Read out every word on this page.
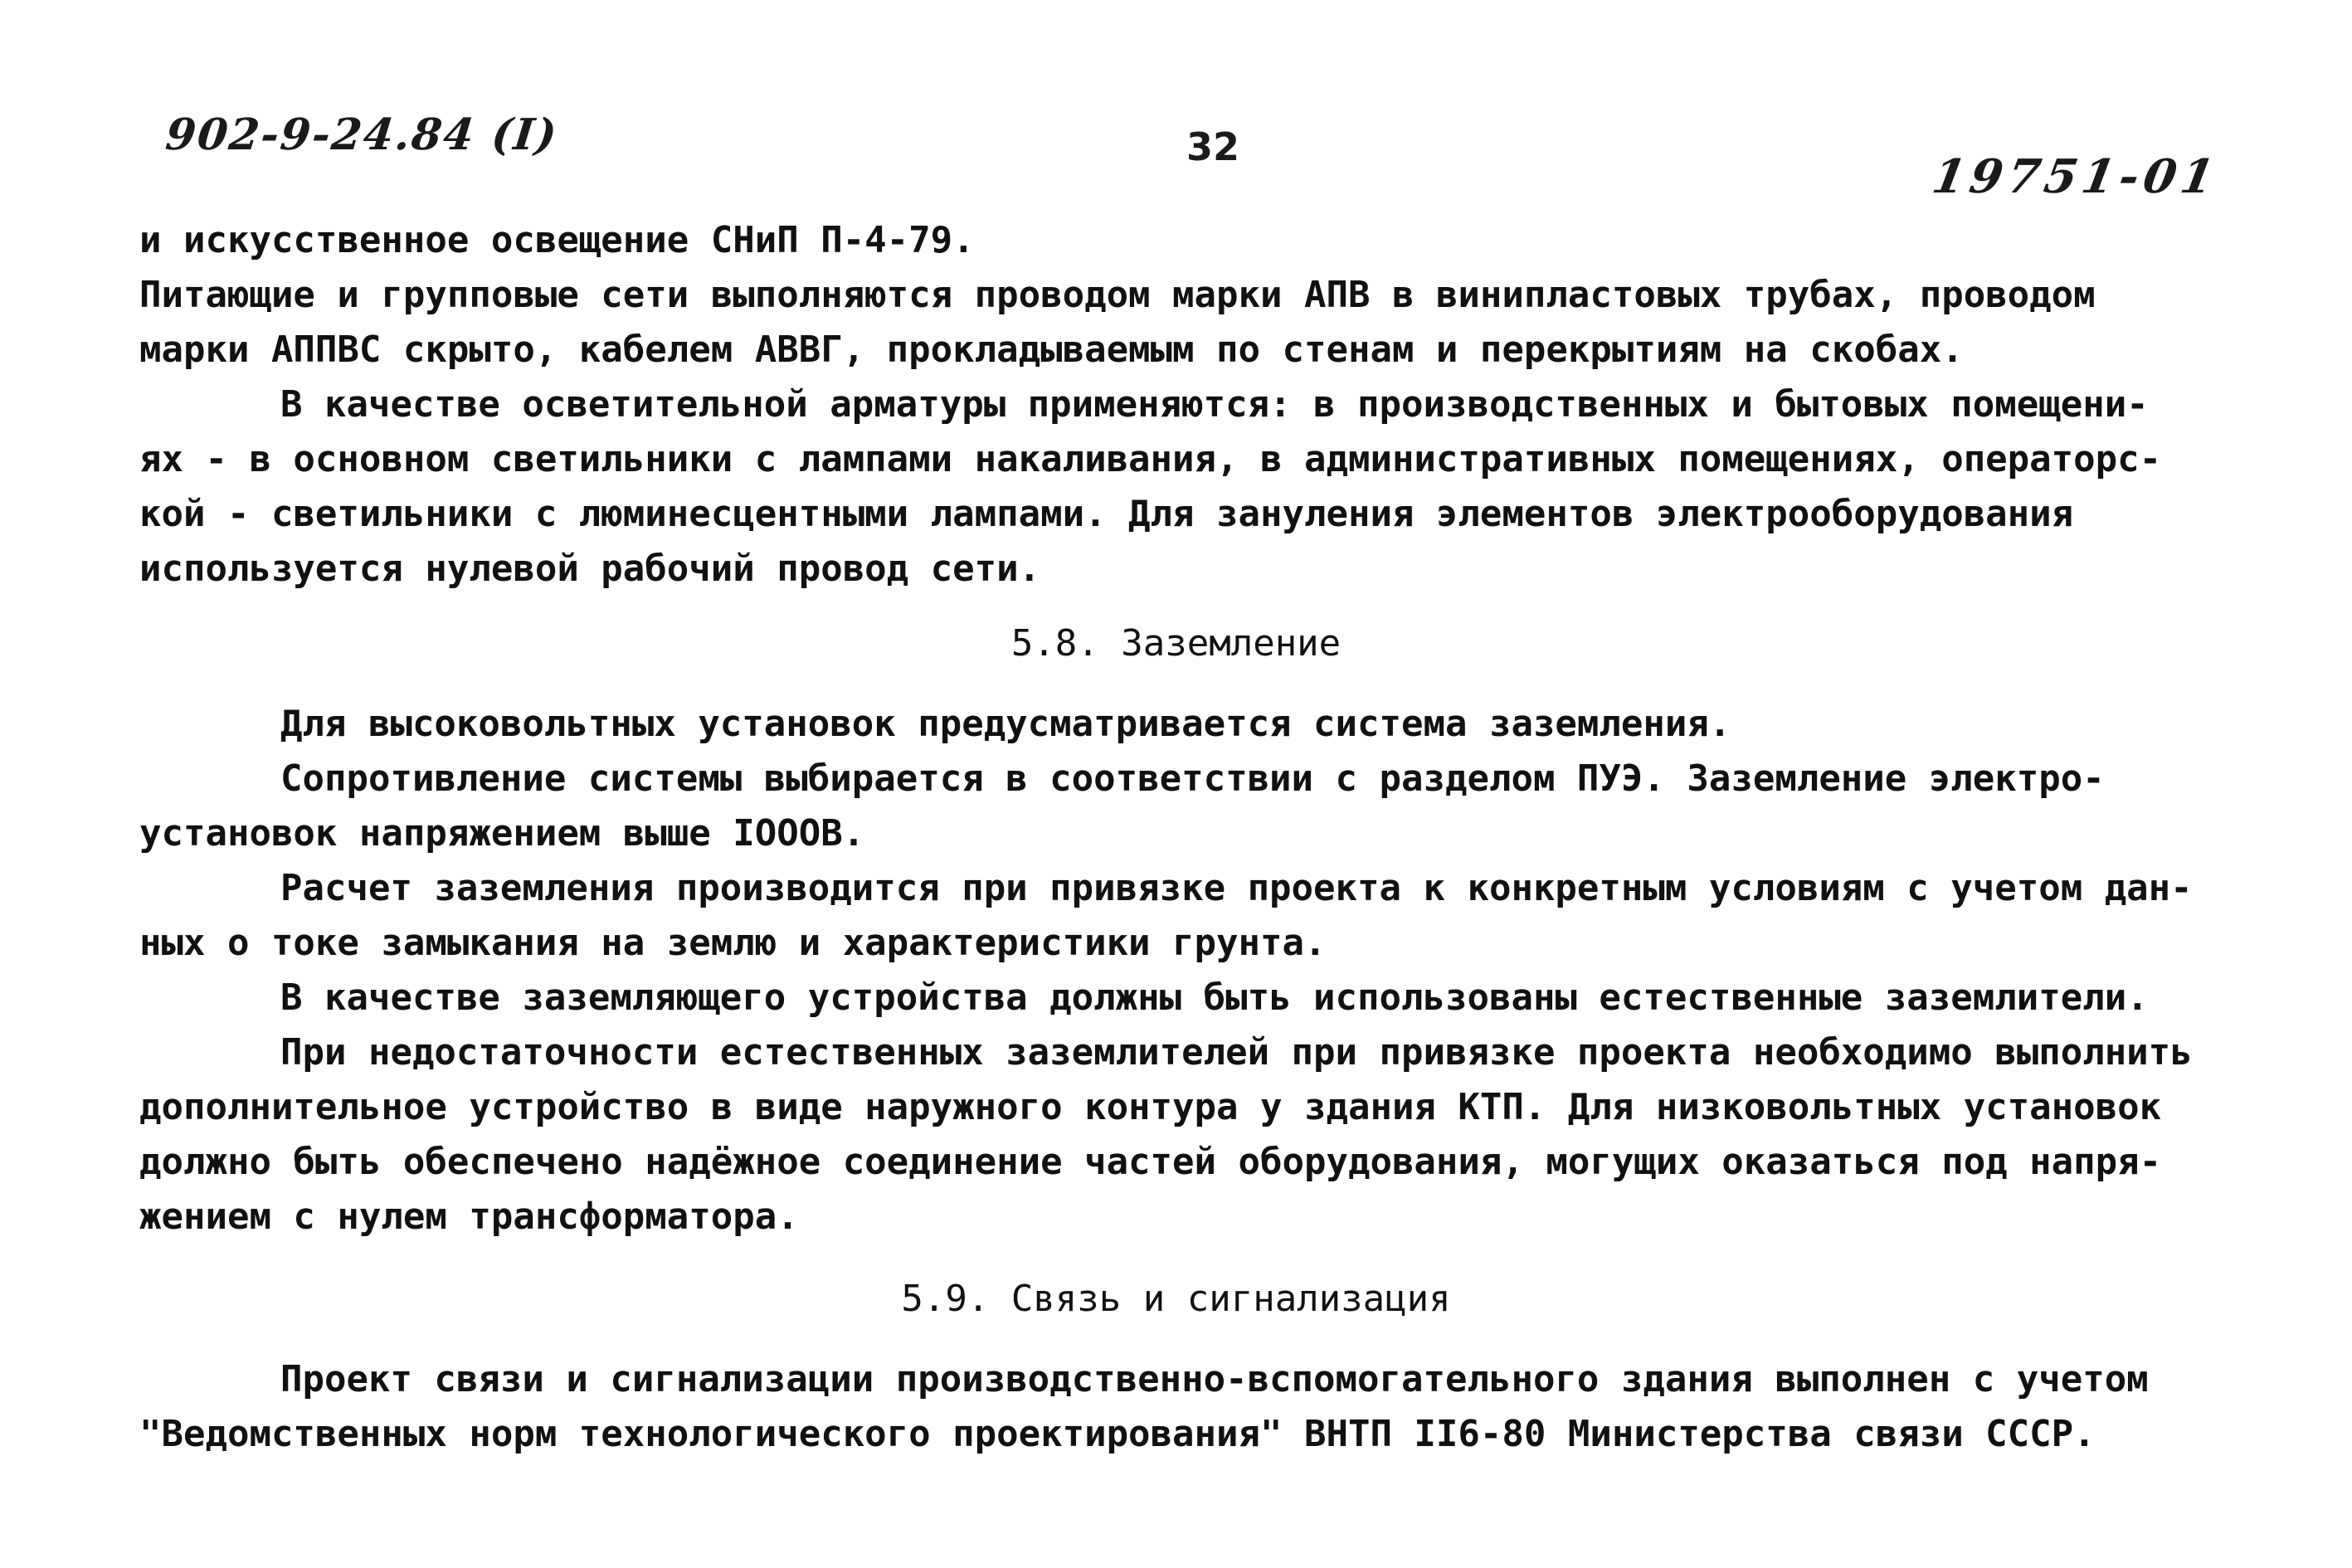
902-9-24.84 (I)	32
19751-01
и искусственное освещение СНиП П-4-79.
Питающие и групповые сети выполняются проводом марки АПВ в винипластовых трубах, проводом
марки АППВС скрыто, кабелем АВВГ, прокладываемым по стенам и перекрытиям на скобах.
В качестве осветительной арматуры применяются: в производственных и бытовых помещени-
ях - в основном светильники с лампами накаливания, в административных помещениях, операторс-
кой - светильники с люминесцентными лампами. Для зануления элементов электрооборудования
используется нулевой рабочий провод сети.
5.8. Заземление
Для высоковольтных установок предусматривается система заземления.
Сопротивление системы выбирается в соответствии с разделом ПУЭ. Заземление электро-
установок напряжением выше IOOOВ.
Расчет заземления производится при привязке проекта к конкретным условиям с учетом дан-
ных о токе замыкания на землю и характеристики грунта.
В качестве заземляющего устройства должны быть использованы естественные заземлители.
При недостаточности естественных заземлителей при привязке проекта необходимо выполнить
дополнительное устройство в виде наружного контура у здания КТП. Для низковольтных установок
должно быть обеспечено надёжное соединение частей оборудования, могущих оказаться под напря-
жением с нулем трансформатора.
5.9. Связь и сигнализация
Проект связи и сигнализации производственно-вспомогательного здания выполнен с учетом
"Ведомственных норм технологического проектирования" ВНТП II6-80 Министерства связи СССР.
